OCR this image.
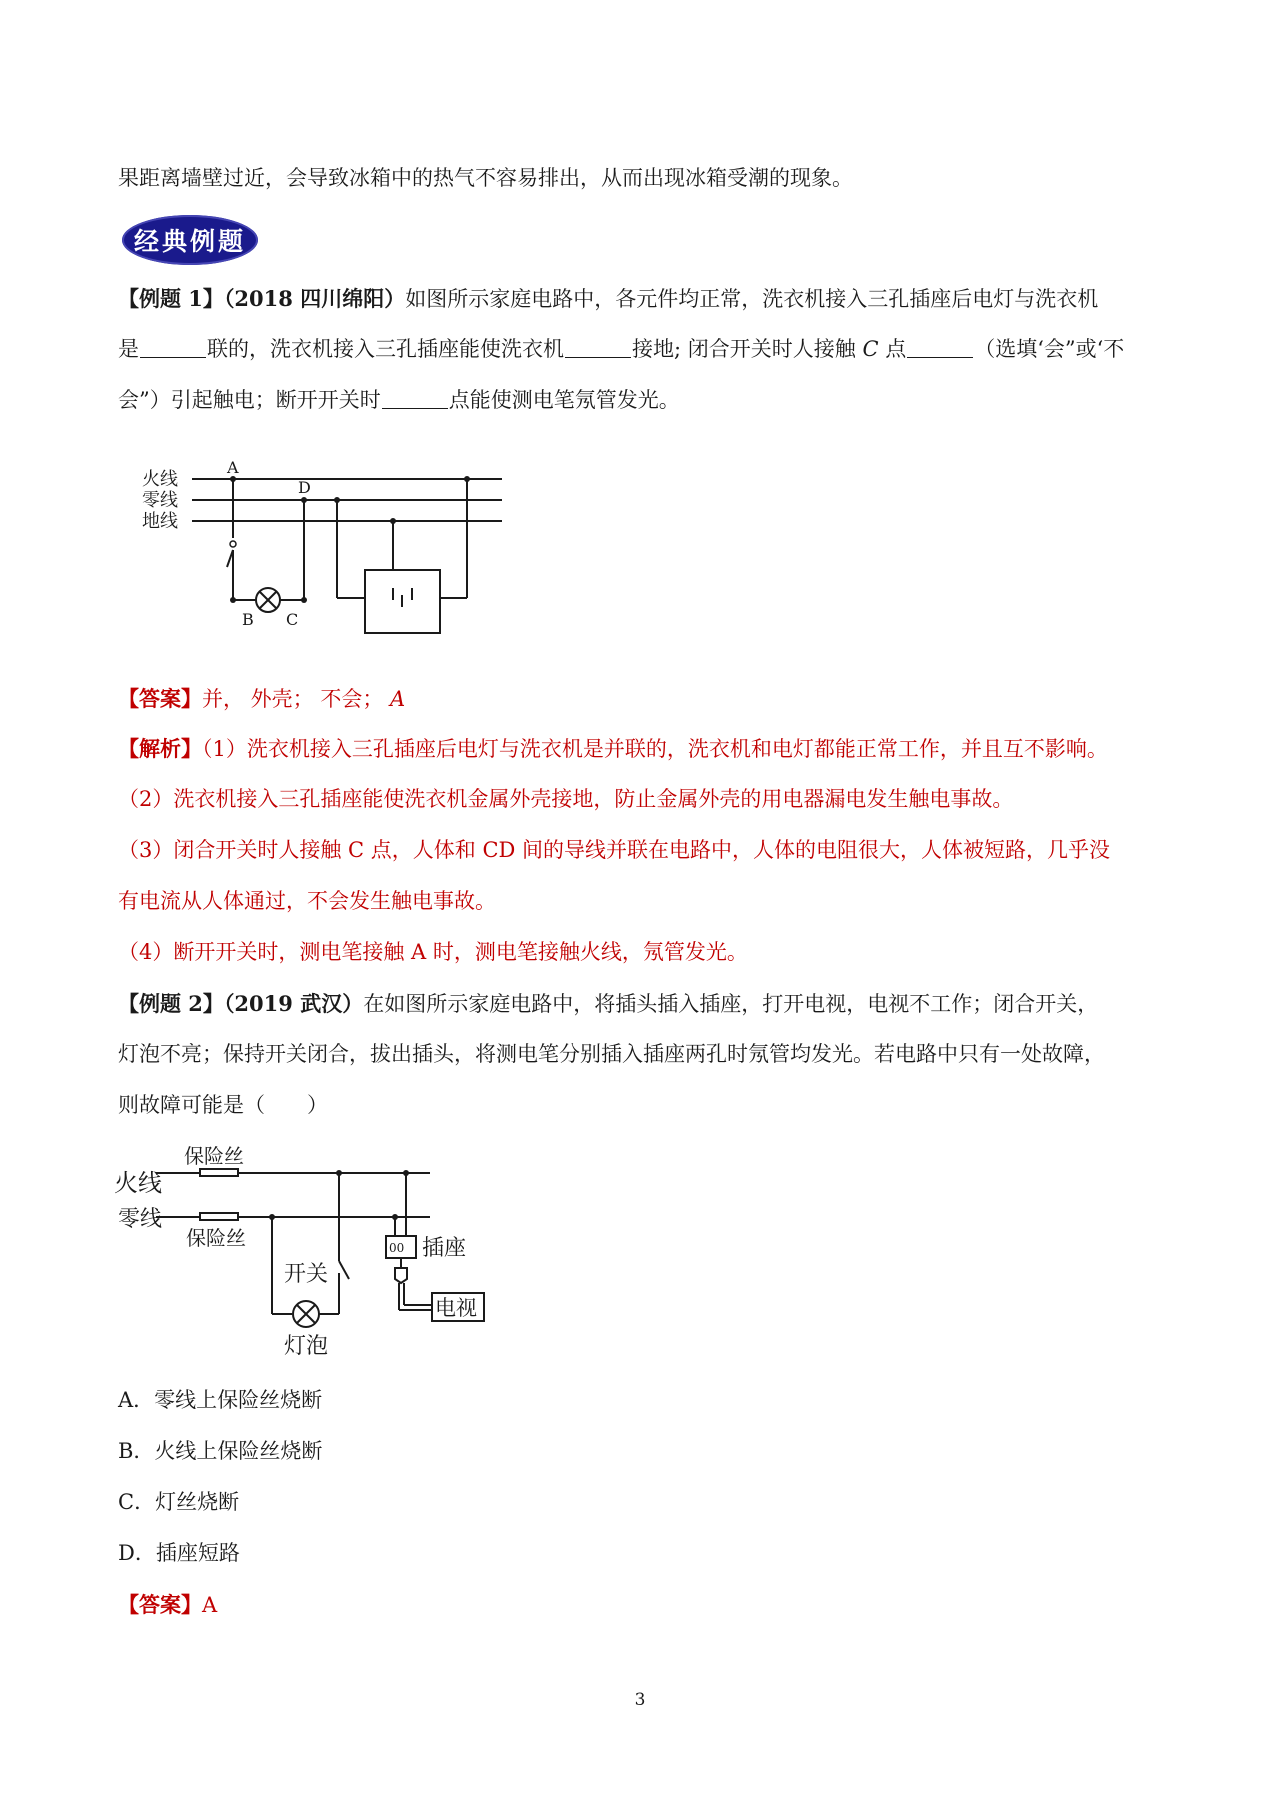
果距离墙壁过近，会导致冰箱中的热气不容易排出，从而出现冰箱受潮的现象。
经典例题
【例题 1】（2018 四川绵阳）如图所示家庭电路中，各元件均正常，洗衣机接入三孔插座后电灯与洗衣机
是	联的，洗衣机接入三孔插座能使洗衣机	接地; 闭合开关时人接触 C 点	（选填‘会”或‘不
会”）引起触电；断开开关时	点能使测电笔氖管发光。
火线
零线
地线
A
D
B C
【答案】并， 外壳； 不会； A
【解析】（1）洗衣机接入三孔插座后电灯与洗衣机是并联的，洗衣机和电灯都能正常工作，并且互不影响。
（2）洗衣机接入三孔插座能使洗衣机金属外壳接地，防止金属外壳的用电器漏电发生触电事故。
（3）闭合开关时人接触 C 点，人体和 CD 间的导线并联在电路中，人体的电阻很大，人体被短路，几乎没
有电流从人体通过，不会发生触电事故。
（4）断开开关时，测电笔接触 A 时，测电笔接触火线，氖管发光。
【例题 2】（2019 武汉）在如图所示家庭电路中，将插头插入插座，打开电视，电视不工作；闭合开关，
灯泡不亮；保持开关闭合，拔出插头，将测电笔分别插入插座两孔时氖管均发光。若电路中只有一处故障，
则故障可能是（　　）
火线
零线
保险丝
保险丝
开关
插座
灯泡
电视
00
A．零线上保险丝烧断
B．火线上保险丝烧断
C．灯丝烧断
D．插座短路
【答案】A
3
